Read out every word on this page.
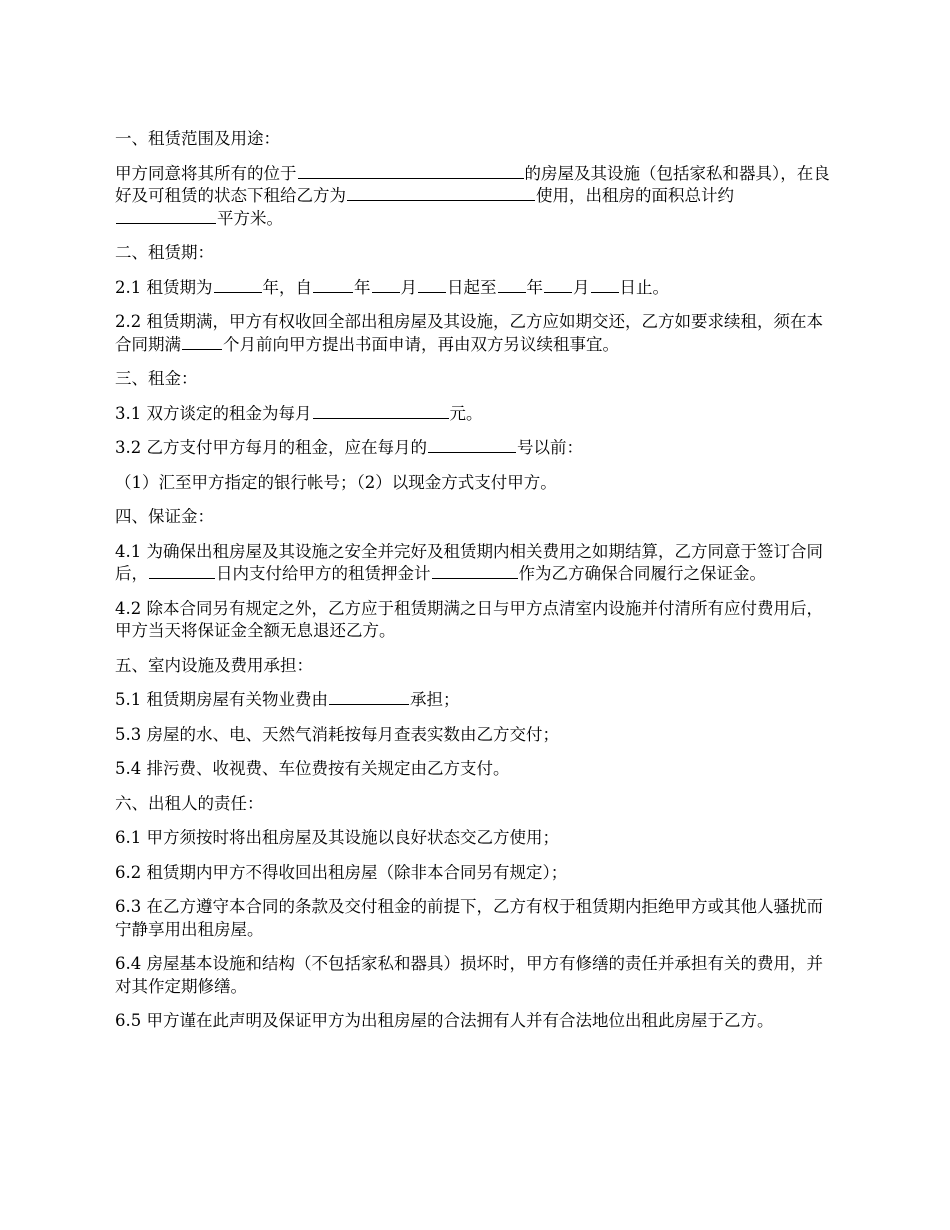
一、租赁范围及用途：

甲方同意将其所有的位于	的房屋及其设施（包括家私和器具），在良好及可租赁的状态下租给乙方为	使用，出租房的面积总计约平方米。

二、租赁期：

2.1 租赁期为	年，自	年 月 日起至 年 月 日止。

2.2 租赁期满，甲方有权收回全部出租房屋及其设施，乙方应如期交还，乙方如要求续租，须在本合同期满	个月前向甲方提出书面申请，再由双方另议续租事宜。

三、租金：

3.1 双方谈定的租金为每月	元。

3.2 乙方支付甲方每月的租金，应在每月的	号以前：

（1）汇至甲方指定的银行帐号；（2）以现金方式支付甲方。

四、保证金：

4.1 为确保出租房屋及其设施之安全并完好及租赁期内相关费用之如期结算，乙方同意于签订合同后，	日内支付给甲方的租赁押金计	作为乙方确保合同履行之保证金。

4.2 除本合同另有规定之外，乙方应于租赁期满之日与甲方点清室内设施并付清所有应付费用后，甲方当天将保证金全额无息退还乙方。

五、室内设施及费用承担：

5.1 租赁期房屋有关物业费由	承担；

5.3 房屋的水、电、天然气消耗按每月查表实数由乙方交付；

5.4 排污费、收视费、车位费按有关规定由乙方支付。

六、出租人的责任：

6.1 甲方须按时将出租房屋及其设施以良好状态交乙方使用；

6.2 租赁期内甲方不得收回出租房屋（除非本合同另有规定）；

6.3 在乙方遵守本合同的条款及交付租金的前提下，乙方有权于租赁期内拒绝甲方或其他人骚扰而宁静享用出租房屋。

6.4 房屋基本设施和结构（不包括家私和器具）损坏时，甲方有修缮的责任并承担有关的费用，并对其作定期修缮。

6.5 甲方谨在此声明及保证甲方为出租房屋的合法拥有人并有合法地位出租此房屋于乙方。
